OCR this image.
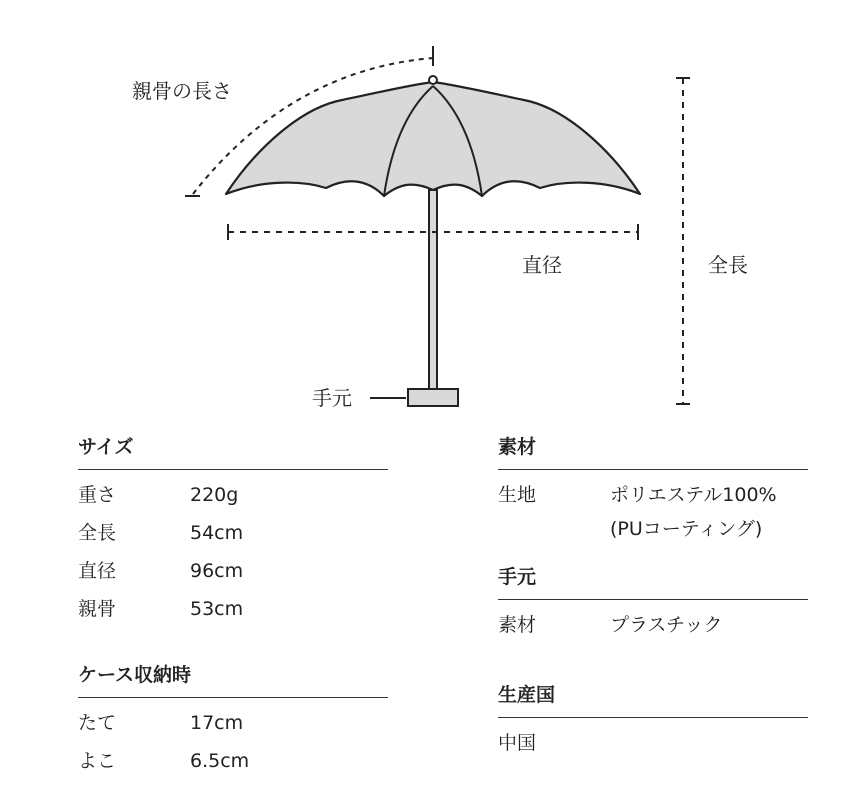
手元
直径	全長
親骨の長さ
サイズ
重さ	220g
全長	54cm
直径	96cm
親骨	53cm
ケース収納時
たて	17cm
よこ	6.5cm
素材
生地	ポリエステル100%
(PUコーティング)
手元
素材	プラスチック
生産国
中国
